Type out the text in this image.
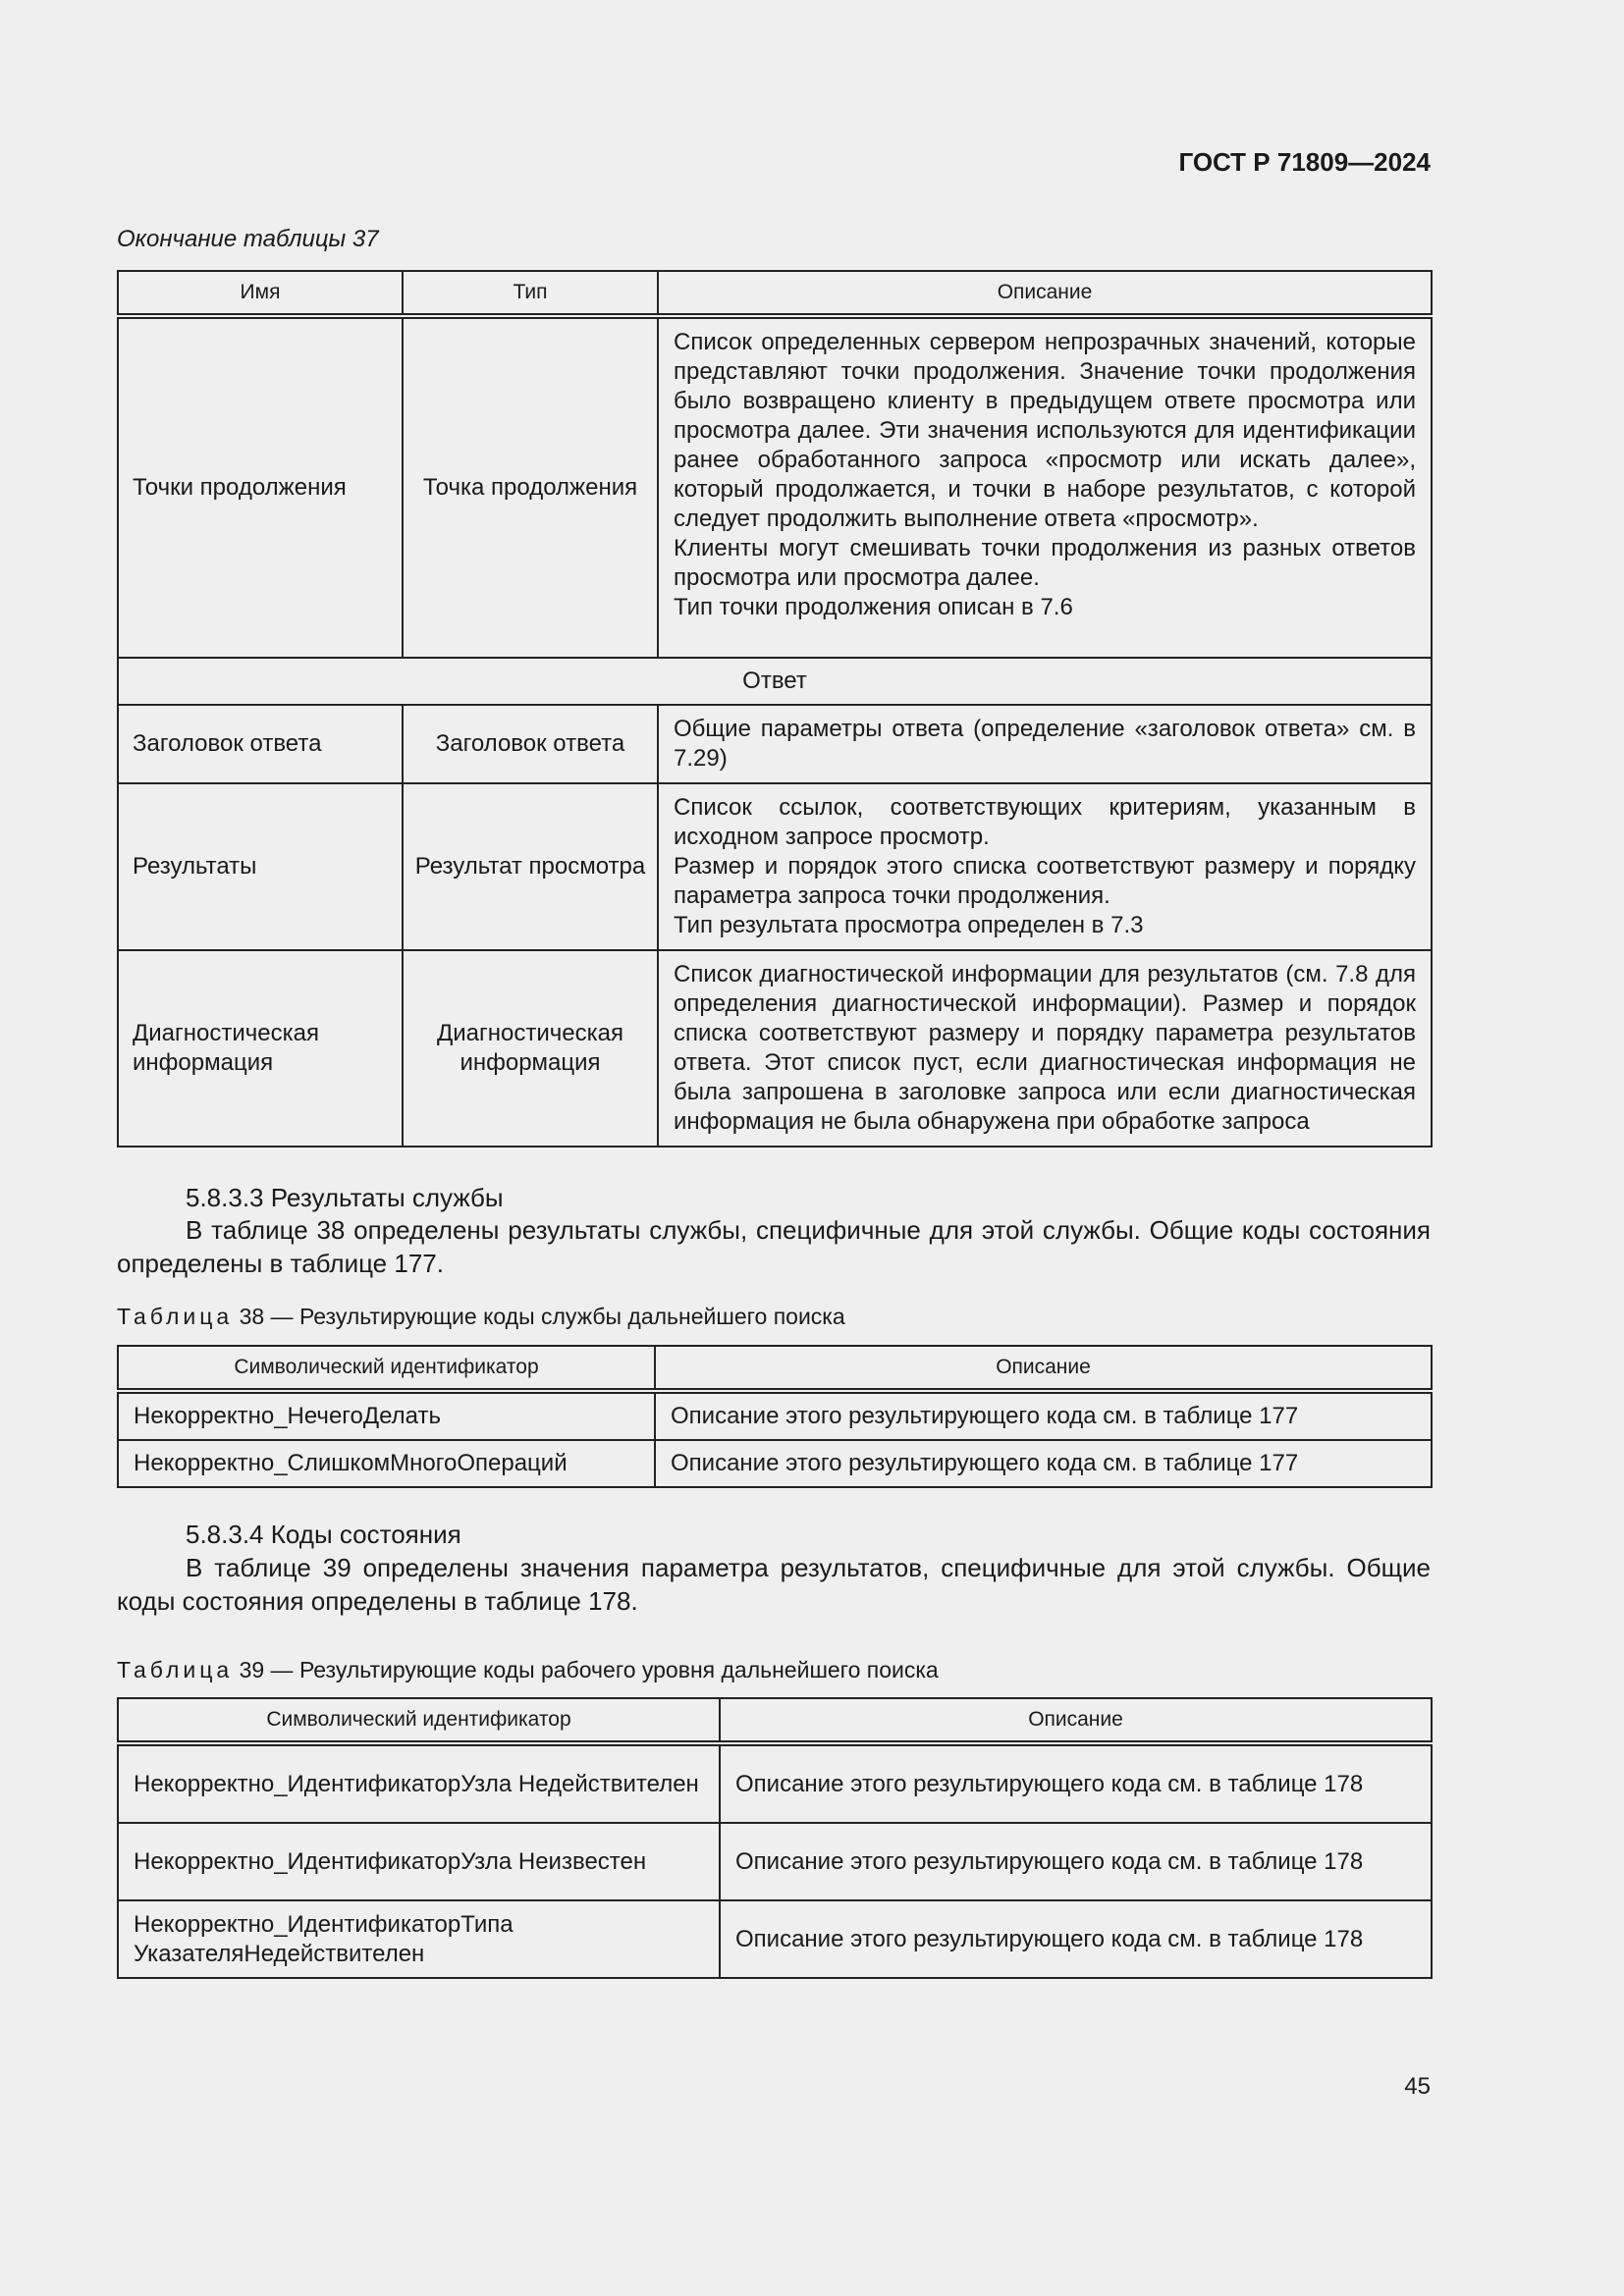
ГОСТ Р 71809—2024
Окончание таблицы 37
Имя	Тип	Описание
Точки продолжения	Точка продолжения	Список определенных сервером непрозрачных значений, которые представляют точки продолжения. Значение точки продолжения было возвращено клиенту в предыдущем ответе просмотра или просмотра далее. Эти значения используются для идентификации ранее обработанного запроса «просмотр или искать далее», который продолжается, и точки в наборе результатов, с которой следует продолжить выполнение ответа «просмотр».
Клиенты могут смешивать точки продолжения из разных ответов просмотра или просмотра далее.
Тип точки продолжения описан в 7.6

Ответ		
Заголовок ответа	Заголовок ответа	Общие параметры ответа (определение «заголовок ответа» см. в 7.29)

Результаты	Результат просмотра	Список ссылок, соответствующих критериям, указанным в исходном запросе просмотр.
Размер и порядок этого списка соответствуют размеру и порядку параметра запроса точки продолжения.
Тип результата просмотра определен в 7.3

Диагностическая информация	Диагностическая информация	Список диагностической информации для результатов (см. 7.8 для определения диагностической информации). Размер и порядок списка соответствуют размеру и порядку параметра результатов ответа. Этот список пуст, если диагностическая информация не была запрошена в заголовке запроса или если диагностическая информация не была обнаружена при обработке запроса
5.8.3.3 Результаты службы
В таблице 38 определены результаты службы, специфичные для этой службы. Общие коды состояния определены в таблице 177.
Таблица 38 — Результирующие коды службы дальнейшего поиска
Символический идентификатор	Описание
Некорректно_НечегоДелать	Описание этого результирующего кода см. в таблице 177
Некорректно_СлишкомМногоОпераций	Описание этого результирующего кода см. в таблице 177
5.8.3.4 Коды состояния
В таблице 39 определены значения параметра результатов, специфичные для этой службы. Общие коды состояния определены в таблице 178.
Таблица 39 — Результирующие коды рабочего уровня дальнейшего поиска
Символический идентификатор	Описание
Некорректно_ИдентификаторУзла Недействителен	Описание этого результирующего кода см. в таблице 178
Некорректно_ИдентификаторУзла Неизвестен	Описание этого результирующего кода см. в таблице 178
Некорректно_ИдентификаторТипа УказателяНедействителен	Описание этого результирующего кода см. в таблице 178
45
